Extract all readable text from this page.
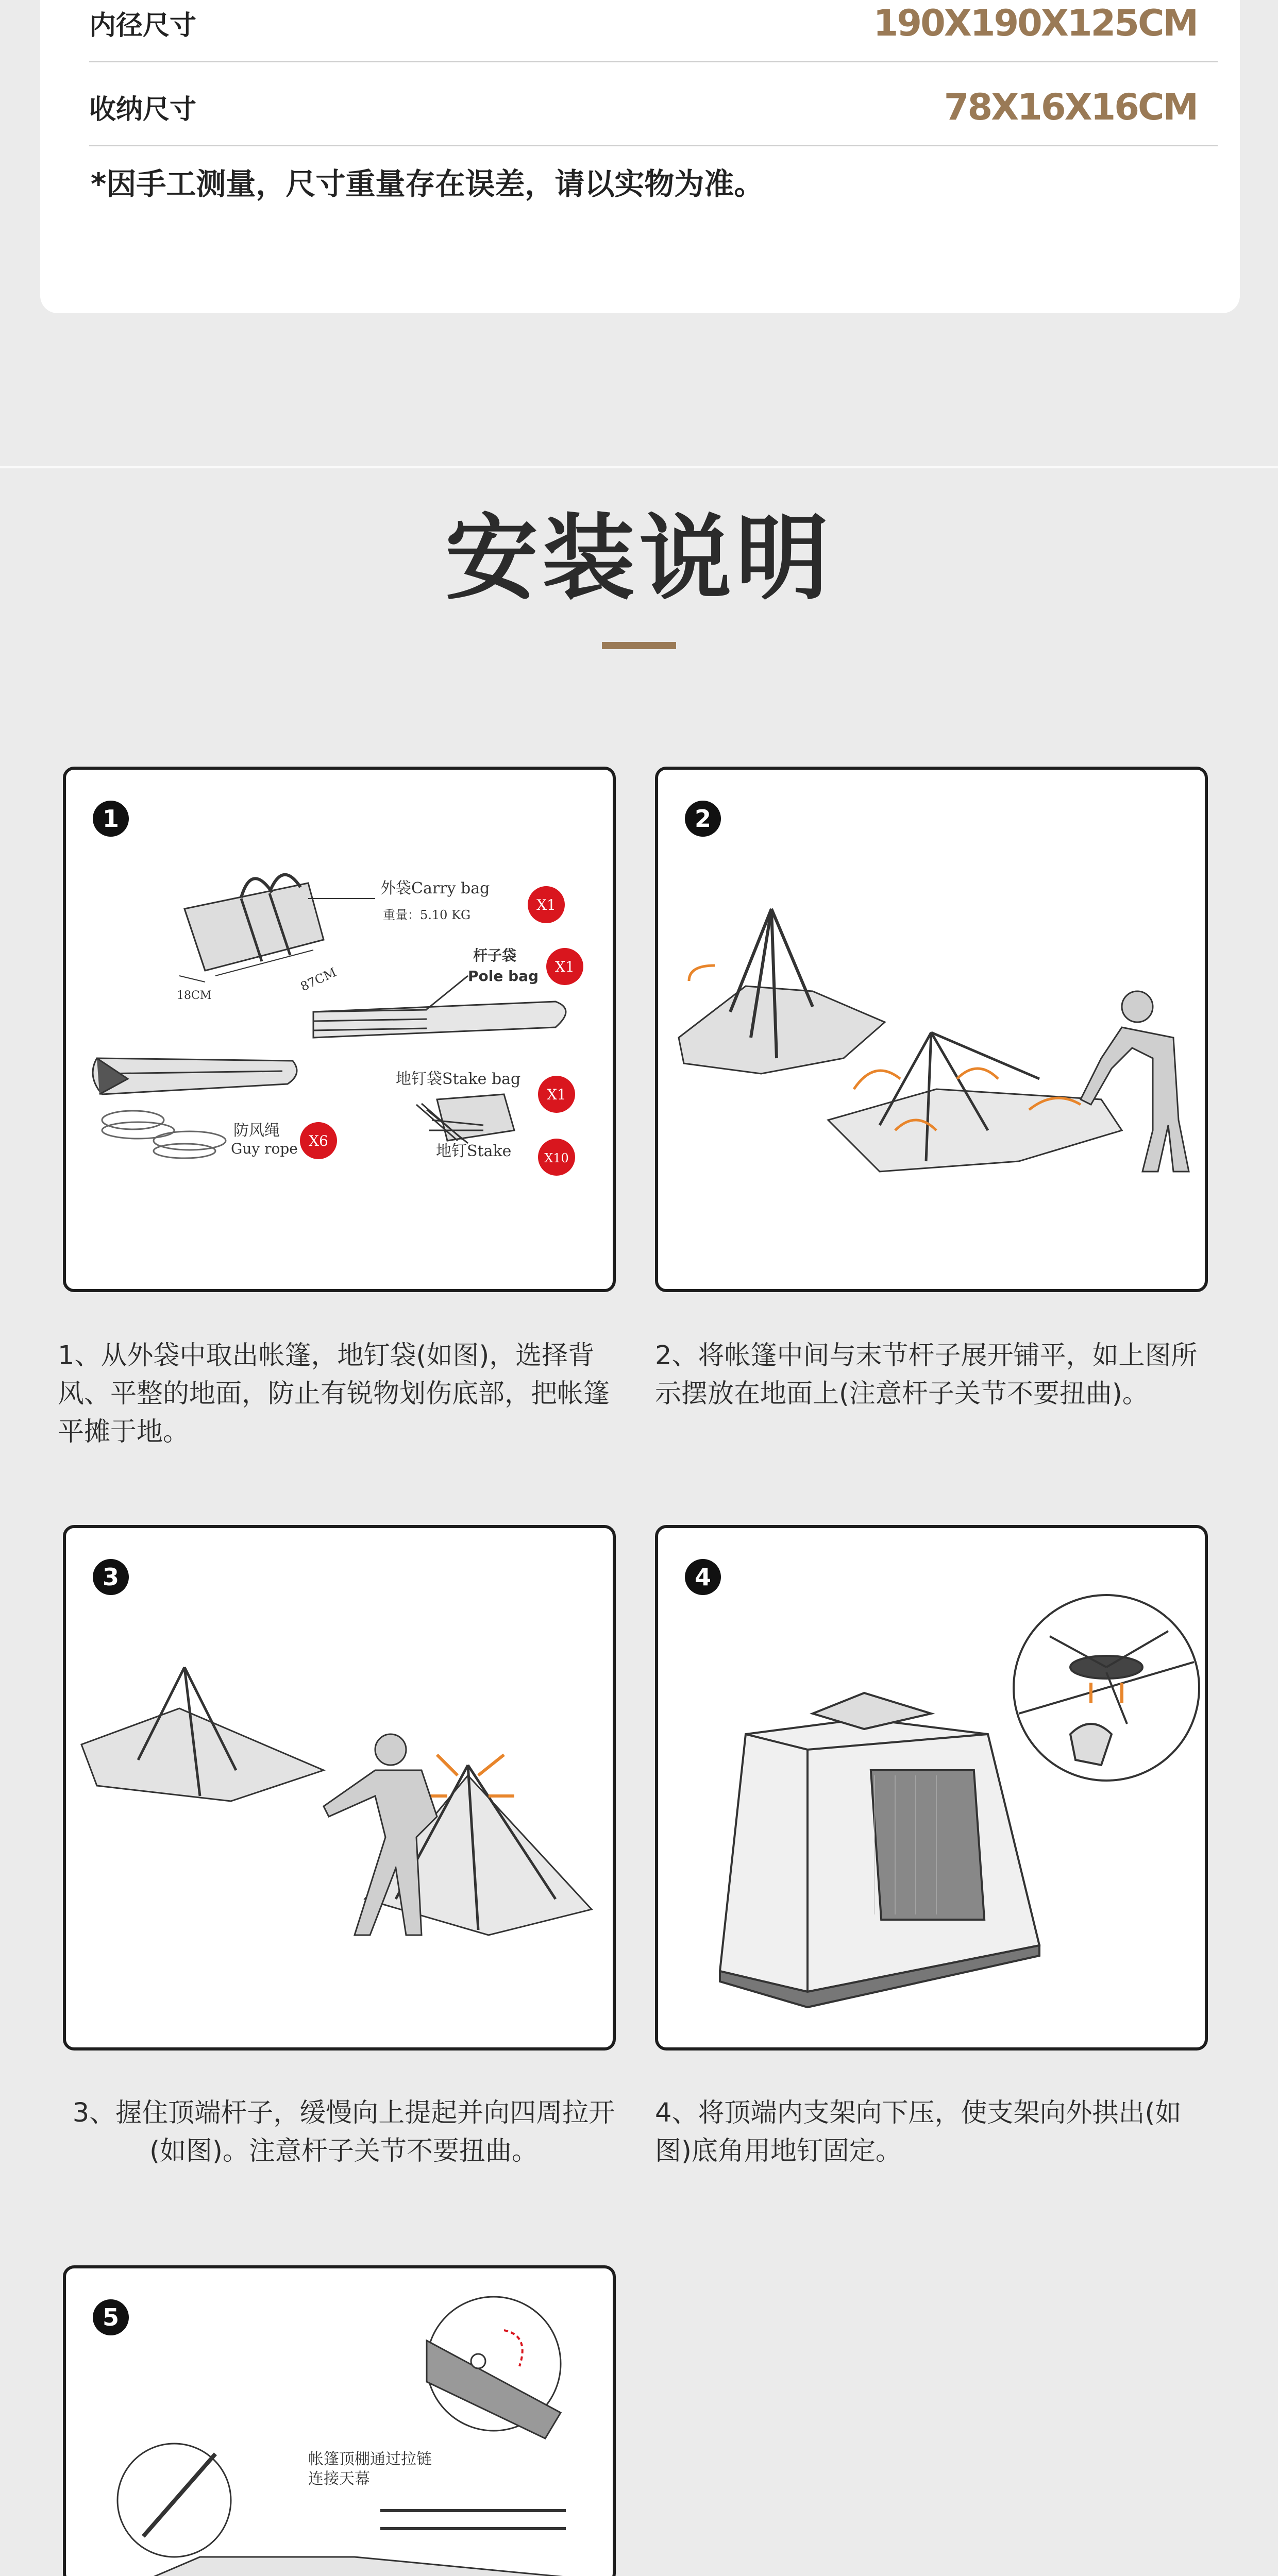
内径尺寸	190X190X125CM
收纳尺寸	78X16X16CM
*因手工测量，尺寸重量存在误差，请以实物为准。
安装说明
1
外袋Carry bag
重量：5.10 KG
87CM
18CM
杆子袋
Pole bag
地钉袋Stake bag
防风绳
Guy rope	地钉Stake
X1
X1
X1
X6
X10
2
1、从外袋中取出帐篷，地钉袋(如图)，选择背风、平整的地面，防止有锐物划伤底部，把帐篷平摊于地。
2、将帐篷中间与末节杆子展开铺平，如上图所示摆放在地面上(注意杆子关节不要扭曲)。
3	4
3、握住顶端杆子，缓慢向上提起并向四周拉开(如图)。注意杆子关节不要扭曲。
4、将顶端内支架向下压，使支架向外拱出(如图)底角用地钉固定。
5
帐篷顶棚通过拉链
连接天幕
